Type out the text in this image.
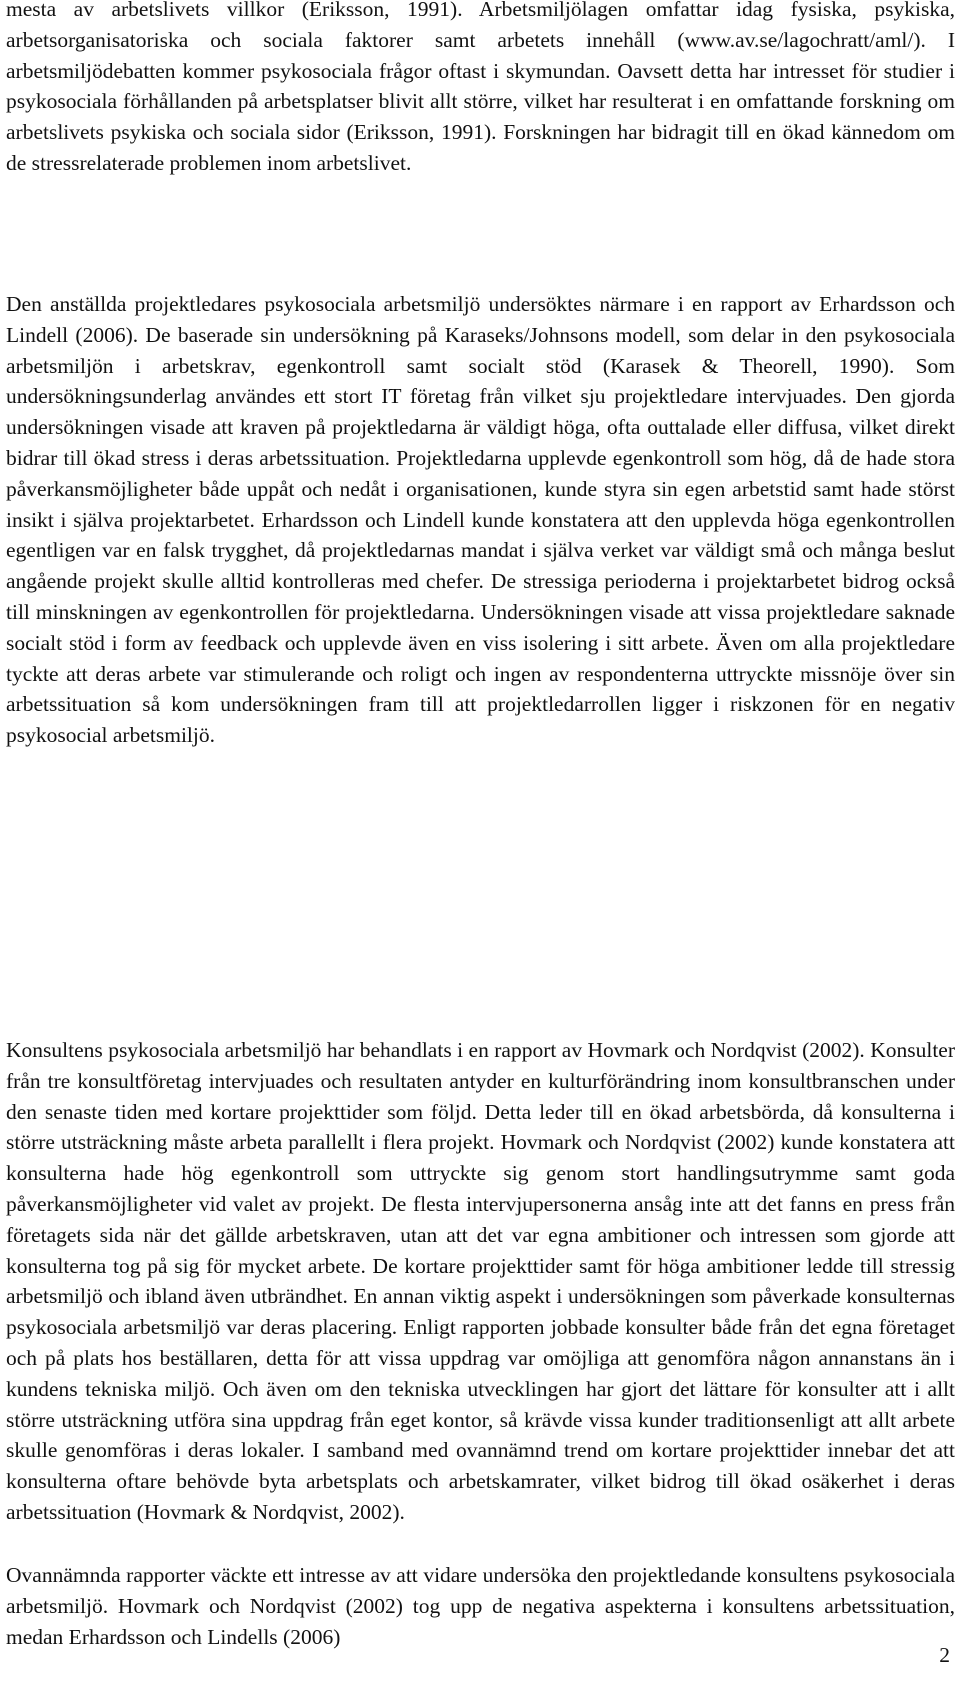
mesta av arbetslivets villkor (Eriksson, 1991). Arbetsmiljölagen omfattar idag fysiska, psykiska, arbetsorganisatoriska och sociala faktorer samt arbetets innehåll (www.av.se/lagochratt/aml/). I arbetsmiljödebatten kommer psykosociala frågor oftast i skymundan. Oavsett detta har intresset för studier i psykosociala förhållanden på arbetsplatser blivit allt större, vilket har resulterat i en omfattande forskning om arbetslivets psykiska och sociala sidor (Eriksson, 1991). Forskningen har bidragit till en ökad kännedom om de stressrelaterade problemen inom arbetslivet.

Den anställda projektledares psykosociala arbetsmiljö undersöktes närmare i en rapport av Erhardsson och Lindell (2006). De baserade sin undersökning på Karaseks/Johnsons modell, som delar in den psykosociala arbetsmiljön i arbetskrav, egenkontroll samt socialt stöd (Karasek & Theorell, 1990). Som undersökningsunderlag användes ett stort IT företag från vilket sju projektledare intervjuades. Den gjorda undersökningen visade att kraven på projektledarna är väldigt höga, ofta outtalade eller diffusa, vilket direkt bidrar till ökad stress i deras arbetssituation. Projektledarna upplevde egenkontroll som hög, då de hade stora påverkansmöjligheter både uppåt och nedåt i organisationen, kunde styra sin egen arbetstid samt hade störst insikt i själva projektarbetet. Erhardsson och Lindell kunde konstatera att den upplevda höga egenkontrollen egentligen var en falsk trygghet, då projektledarnas mandat i själva verket var väldigt små och många beslut angående projekt skulle alltid kontrolleras med chefer. De stressiga perioderna i projektarbetet bidrog också till minskningen av egenkontrollen för projektledarna. Undersökningen visade att vissa projektledare saknade socialt stöd i form av feedback och upplevde även en viss isolering i sitt arbete. Även om alla projektledare tyckte att deras arbete var stimulerande och roligt och ingen av respondenterna uttryckte missnöje över sin arbetssituation så kom undersökningen fram till att projektledarrollen ligger i riskzonen för en negativ psykosocial arbetsmiljö.

Konsultens psykosociala arbetsmiljö har behandlats i en rapport av Hovmark och Nordqvist (2002). Konsulter från tre konsultföretag intervjuades och resultaten antyder en kulturförändring inom konsultbranschen under den senaste tiden med kortare projekttider som följd. Detta leder till en ökad arbetsbörda, då konsulterna i större utsträckning måste arbeta parallellt i flera projekt. Hovmark och Nordqvist (2002) kunde konstatera att konsulterna hade hög egenkontroll som uttryckte sig genom stort handlingsutrymme samt goda påverkansmöjligheter vid valet av projekt. De flesta intervjupersonerna ansåg inte att det fanns en press från företagets sida när det gällde arbetskraven, utan att det var egna ambitioner och intressen som gjorde att konsulterna tog på sig för mycket arbete. De kortare projekttider samt för höga ambitioner ledde till stressig arbetsmiljö och ibland även utbrändhet. En annan viktig aspekt i undersökningen som påverkade konsulternas psykosociala arbetsmiljö var deras placering. Enligt rapporten jobbade konsulter både från det egna företaget och på plats hos beställaren, detta för att vissa uppdrag var omöjliga att genomföra någon annanstans än i kundens tekniska miljö. Och även om den tekniska utvecklingen har gjort det lättare för konsulter att i allt större utsträckning utföra sina uppdrag från eget kontor, så krävde vissa kunder traditionsenligt att allt arbete skulle genomföras i deras lokaler. I samband med ovannämnd trend om kortare projekttider innebar det att konsulterna oftare behövde byta arbetsplats och arbetskamrater, vilket bidrog till ökad osäkerhet i deras arbetssituation (Hovmark & Nordqvist, 2002).

Ovannämnda rapporter väckte ett intresse av att vidare undersöka den projektledande konsultens psykosociala arbetsmiljö. Hovmark och Nordqvist (2002) tog upp de negativa aspekterna i konsultens arbetssituation, medan Erhardsson och Lindells (2006)

2
